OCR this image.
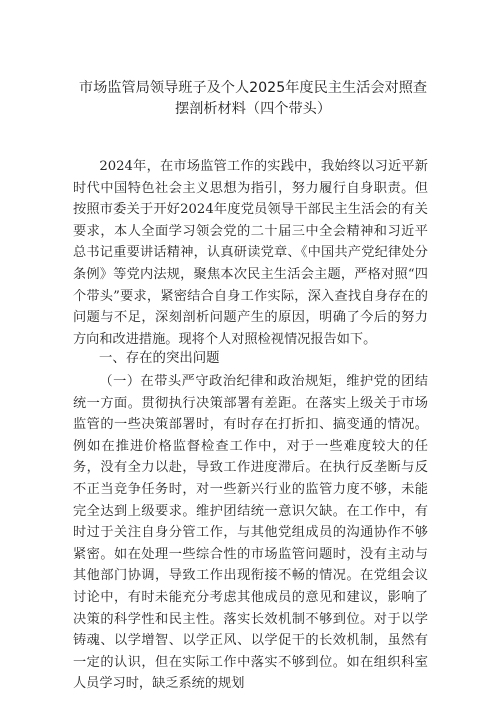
市场监管局领导班子及个人2025年度民主生活会对照查摆剖析材料（四个带头）

2024年，在市场监管工作的实践中，我始终以习近平新时代中国特色社会主义思想为指引，努力履行自身职责。但按照市委关于开好2024年度党员领导干部民主生活会的有关要求，本人全面学习领会党的二十届三中全会精神和习近平总书记重要讲话精神，认真研读党章、《中国共产党纪律处分条例》等党内法规，聚焦本次民主生活会主题，严格对照“四个带头”要求，紧密结合自身工作实际，深入查找自身存在的问题与不足，深刻剖析问题产生的原因，明确了今后的努力方向和改进措施。现将个人对照检视情况报告如下。

一、存在的突出问题

（一）在带头严守政治纪律和政治规矩，维护党的团结统一方面。贯彻执行决策部署有差距。在落实上级关于市场监管的一些决策部署时，有时存在打折扣、搞变通的情况。例如在推进价格监督检查工作中，对于一些难度较大的任务，没有全力以赴，导致工作进度滞后。在执行反垄断与反不正当竞争任务时，对一些新兴行业的监管力度不够，未能完全达到上级要求。维护团结统一意识欠缺。在工作中，有时过于关注自身分管工作，与其他党组成员的沟通协作不够紧密。如在处理一些综合性的市场监管问题时，没有主动与其他部门协调，导致工作出现衔接不畅的情况。在党组会议讨论中，有时未能充分考虑其他成员的意见和建议，影响了决策的科学性和民主性。落实长效机制不够到位。对于以学铸魂、以学增智、以学正风、以学促干的长效机制，虽然有一定的认识，但在实际工作中落实不够到位。如在组织科室人员学习时，缺乏系统的规划
